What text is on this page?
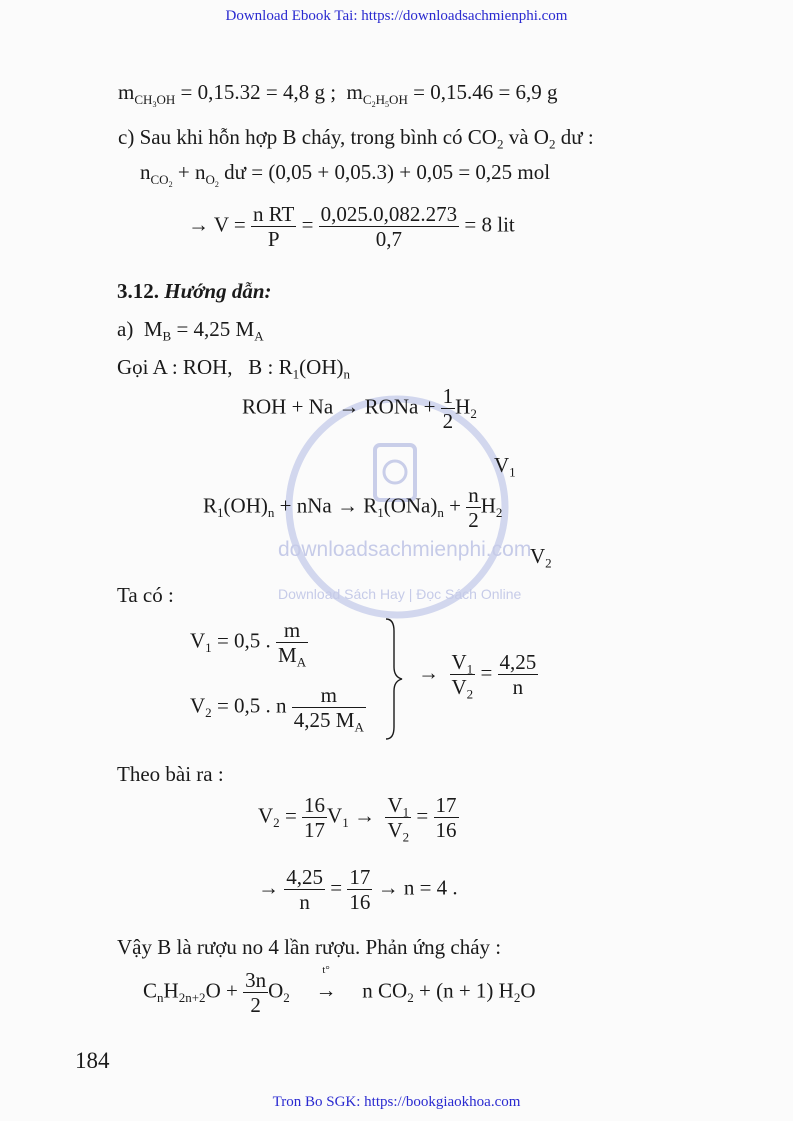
Download Ebook Tai: https://downloadsachmienphi.com
downloadsachmienphi.com
Download Sách Hay | Đọc Sách Online
$m_{CH_3OH} = 0,15.32 = 4,8$ g ;  $m_{C_2H_5OH} = 0,15.46 = 6,9$ g
c) Sau khi hỗn hợp B cháy, trong bình có $CO_2$ và $O_2$ dư :
$n_{CO_2} + n_{O_2}$ dư = (0,05 + 0,05.3) + 0,05 = 0,25 mol
→ $V = \frac{\text{n RT}}{P} = \frac{0,025.0,082.273}{0,7} = 8$ lit
3.12. Hướng dẫn:
a)  $M_B = 4,25$ $M_A$
Gọi A : ROH,   B : $R_1(OH)_n$
ROH + Na → RONa + $\frac{1}{2} H_2$
$V_1$
$R_1(OH)_n$ + nNa → $R_1(ONa)_n + \frac{n}{2} H_2$
$V_2$
Ta có :
$V_1 = 0,5$ . $\frac{m}{M_A}$
$V_2 = 0,5$ . n $\frac{m}{4,25 M_A}$
→ $\frac{V_1}{V_2} = \frac{4,25}{n}$
Theo bài ra :
$V_2 = \frac{16}{17} V_1 \to \frac{V_1}{V_2} = \frac{17}{16}$
→ $\frac{4,25}{n} = \frac{17}{16} \to n = 4$ .
Vậy B là rượu no 4 lần rượu. Phản ứng cháy :
$C_nH_{2n+2}O + \frac{3n}{2} O_2$
t°
→ n $CO_2 + (n + 1)$ $H_2O$
184
Tron Bo SGK: https://bookgiaokhoa.com
